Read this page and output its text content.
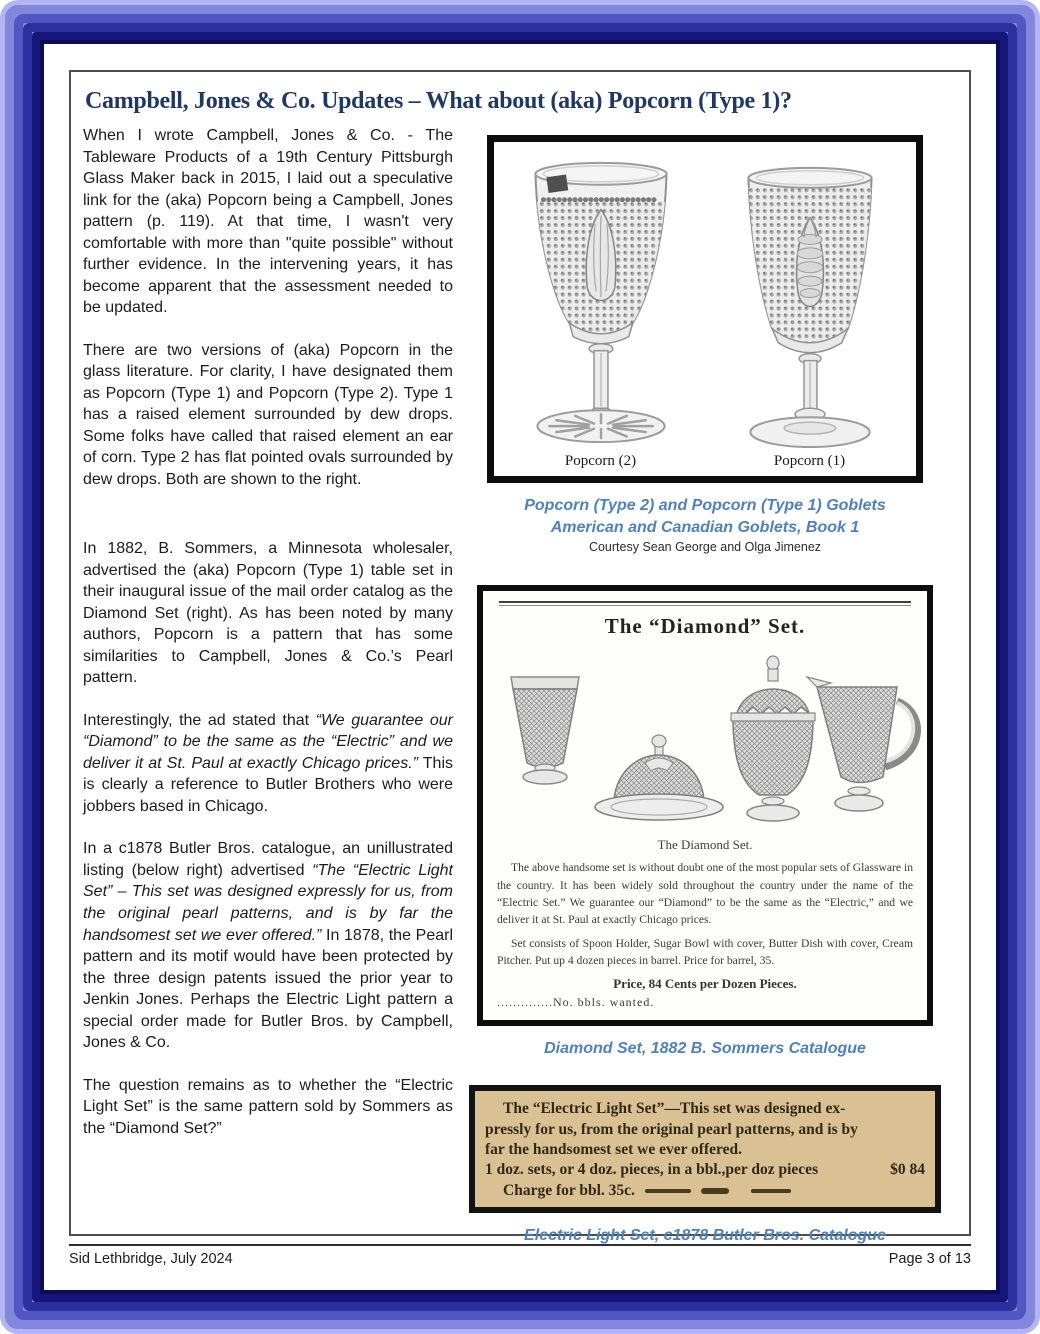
Campbell, Jones & Co. Updates – What about (aka) Popcorn (Type 1)?

When I wrote Campbell, Jones & Co. - The Tableware Products of a 19th Century Pittsburgh Glass Maker back in 2015, I laid out a speculative link for the (aka) Popcorn being a Campbell, Jones pattern (p. 119). At that time, I wasn't very comfortable with more than "quite possible" without further evidence. In the intervening years, it has become apparent that the assessment needed to be updated.

There are two versions of (aka) Popcorn in the glass literature. For clarity, I have designated them as Popcorn (Type 1) and Popcorn (Type 2). Type 1 has a raised element surrounded by dew drops. Some folks have called that raised element an ear of corn. Type 2 has flat pointed ovals surrounded by dew drops. Both are shown to the right.

In 1882, B. Sommers, a Minnesota wholesaler, advertised the (aka) Popcorn (Type 1) table set in their inaugural issue of the mail order catalog as the Diamond Set (right). As has been noted by many authors, Popcorn is a pattern that has some similarities to Campbell, Jones & Co.’s Pearl pattern.

Interestingly, the ad stated that “We guarantee our “Diamond” to be the same as the “Electric” and we deliver it at St. Paul at exactly Chicago prices.” This is clearly a reference to Butler Brothers who were jobbers based in Chicago.

In a c1878 Butler Bros. catalogue, an unillustrated listing (below right) advertised “The “Electric Light Set” – This set was designed expressly for us, from the original pearl patterns, and is by far the handsomest set we ever offered.” In 1878, the Pearl pattern and its motif would have been protected by the three design patents issued the prior year to Jenkin Jones. Perhaps the Electric Light pattern a special order made for Butler Bros. by Campbell, Jones & Co.

The question remains as to whether the “Electric Light Set” is the same pattern sold by Sommers as the “Diamond Set?”

Popcorn (2)	Popcorn (1)
Popcorn (Type 2) and Popcorn (Type 1) Goblets
American and Canadian Goblets, Book 1
Courtesy Sean George and Olga Jimenez
The “Diamond” Set.
The Diamond Set.

The above handsome set is without doubt one of the most popular sets of Glassware in the country. It has been widely sold throughout the country under the name of the “Electric Set.” We guarantee our “Diamond” to be the same as the “Electric,” and we deliver it at St. Paul at exactly Chicago prices.

Set consists of Spoon Holder, Sugar Bowl with cover, Butter Dish with cover, Cream Pitcher. Put up 4 dozen pieces in barrel. Price for barrel, 35.

Price, 84 Cents per Dozen Pieces.
..............No. bbls. wanted.
Diamond Set, 1882 B. Sommers Catalogue
The “Electric Light Set”—This set was designed ex-
pressly for us, from the original pearl patterns, and is by
far the handsomest set we ever offered.
1 doz. sets, or 4 doz. pieces, in a bbl.,per doz pieces	$0 84
Charge for bbl. 35c.
Electric Light Set, c1878 Butler Bros. Catalogue
Sid Lethbridge, July 2024	Page 3 of 13
